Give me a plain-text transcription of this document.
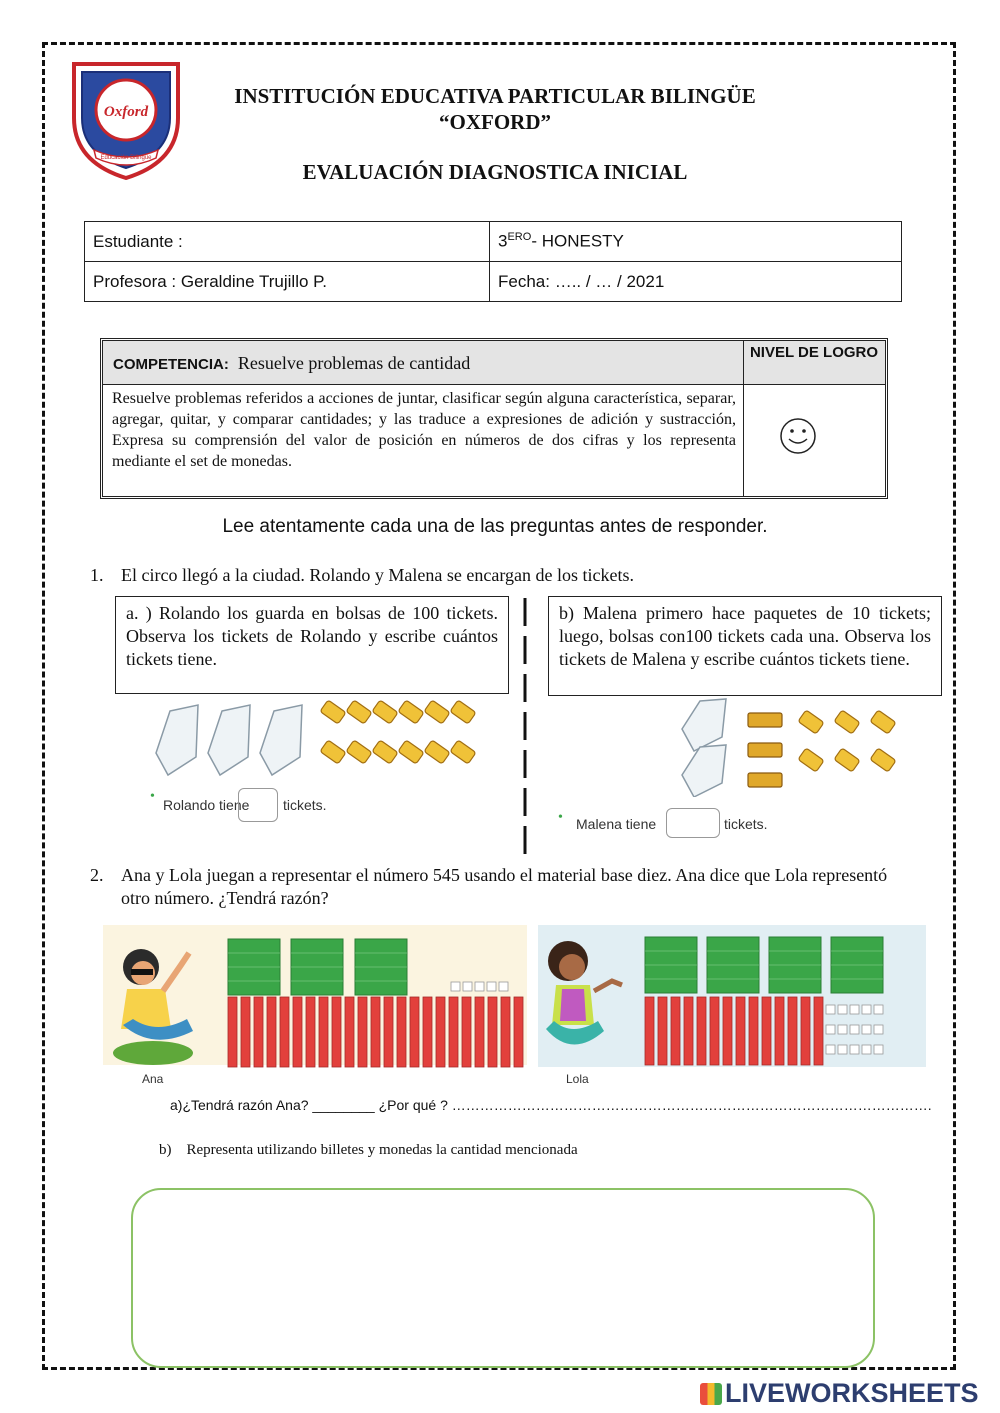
Oxford
Educación Bilingüe
INSTITUCIÓN EDUCATIVA PARTICULAR BILINGÜE
“OXFORD”
EVALUACIÓN DIAGNOSTICA INICIAL
Estudiante :	$3^{ERO}-$ HONESTY
Profesora : Geraldine Trujillo P.	Fecha: ….. / … / 2021
COMPETENCIA: Resuelve problemas de cantidad
NIVEL DE LOGRO
Resuelve problemas referidos a acciones de juntar, clasificar según alguna característica, separar, agregar, quitar, y comparar cantidades; y las traduce a expresiones de adición y sustracción, Expresa su comprensión del valor de posición en números de dos cifras y los representa mediante el set de monedas.
Lee atentamente cada una de las preguntas antes de responder.
1. El circo llegó a la ciudad. Rolando y Malena se encargan de los tickets.
a. ) Rolando los guarda en bolsas de 100 tickets. Observa los tickets de Rolando y escribe cuántos tickets tiene.
b) Malena primero hace paquetes de 10 tickets; luego, bolsas con100 tickets cada una. Observa los tickets de Malena y escribe cuántos tickets tiene.
•
Rolando tiene tickets.
• Malena tiene	tickets.
2. Ana y Lola juegan a representar el número 545 usando el material base diez. Ana dice que Lola representó otro número. ¿Tendrá razón?
Ana	Lola
a)¿Tendrá razón Ana? ________ ¿Por qué ? ………………………………………………………………………………………….
b)    Representa utilizando billetes y monedas la cantidad mencionada
LIVEWORKSHEETS
